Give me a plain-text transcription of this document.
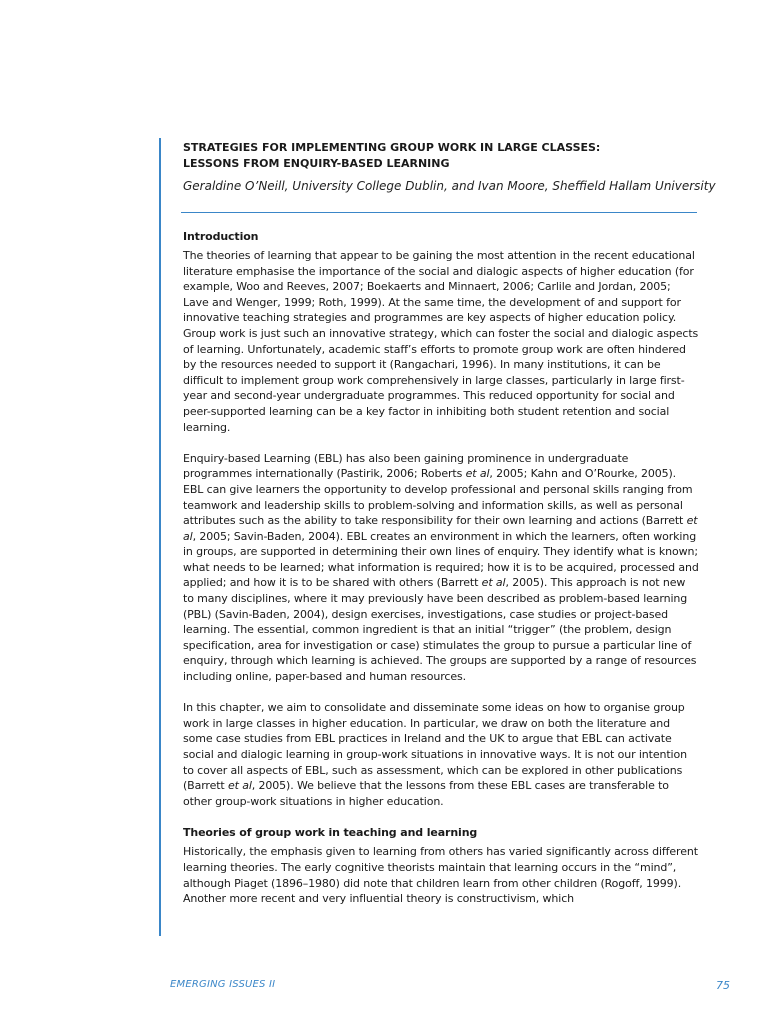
STRATEGIES FOR IMPLEMENTING GROUP WORK IN LARGE CLASSES:
LESSONS FROM ENQUIRY-BASED LEARNING

Geraldine O’Neill, University College Dublin, and Ivan Moore, Sheffield Hallam University

Introduction

The theories of learning that appear to be gaining the most attention in the recent educational literature emphasise the importance of the social and dialogic aspects of higher education (for example, Woo and Reeves, 2007; Boekaerts and Minnaert, 2006; Carlile and Jordan, 2005; Lave and Wenger, 1999; Roth, 1999). At the same time, the development of and support for innovative teaching strategies and programmes are key aspects of higher education policy. Group work is just such an innovative strategy, which can foster the social and dialogic aspects of learning. Unfortunately, academic staff’s efforts to promote group work are often hindered by the resources needed to support it (Rangachari, 1996). In many institutions, it can be difficult to implement group work comprehensively in large classes, particularly in large first-year and second-year undergraduate programmes. This reduced opportunity for social and peer-supported learning can be a key factor in inhibiting both student retention and social learning.

Enquiry-based Learning (EBL) has also been gaining prominence in undergraduate programmes internationally (Pastirik, 2006; Roberts et al, 2005; Kahn and O’Rourke, 2005). EBL can give learners the opportunity to develop professional and personal skills ranging from teamwork and leadership skills to problem-solving and information skills, as well as personal attributes such as the ability to take responsibility for their own learning and actions (Barrett et al, 2005; Savin-Baden, 2004). EBL creates an environment in which the learners, often working in groups, are supported in determining their own lines of enquiry. They identify what is known; what needs to be learned; what information is required; how it is to be acquired, processed and applied; and how it is to be shared with others (Barrett et al, 2005). This approach is not new to many disciplines, where it may previously have been described as problem-based learning (PBL) (Savin-Baden, 2004), design exercises, investigations, case studies or project-based learning. The essential, common ingredient is that an initial “trigger” (the problem, design specification, area for investigation or case) stimulates the group to pursue a particular line of enquiry, through which learning is achieved. The groups are supported by a range of resources including online, paper-based and human resources.

In this chapter, we aim to consolidate and disseminate some ideas on how to organise group work in large classes in higher education. In particular, we draw on both the literature and some case studies from EBL practices in Ireland and the UK to argue that EBL can activate social and dialogic learning in group-work situations in innovative ways. It is not our intention to cover all aspects of EBL, such as assessment, which can be explored in other publications (Barrett et al, 2005). We believe that the lessons from these EBL cases are transferable to other group-work situations in higher education.

Theories of group work in teaching and learning

Historically, the emphasis given to learning from others has varied significantly across different learning theories. The early cognitive theorists maintain that learning occurs in the “mind”, although Piaget (1896–1980) did note that children learn from other children (Rogoff, 1999). Another more recent and very influential theory is constructivism, which

EMERGING ISSUES II	75
